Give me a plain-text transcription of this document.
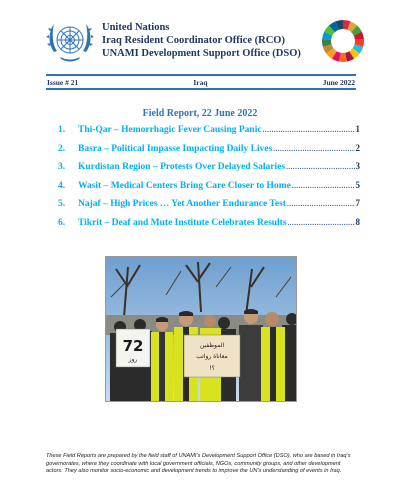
United Nations
Iraq Resident Coordinator Office (RCO)
UNAMI Development Support Office (DSO)
Issue # 21	Iraq	June 2022
Field Report, 22 June 2022
1.	Thi-Qar – Hemorrhagic Fever Causing Panic .....	1
2.	Basra – Political Impasse Impacting Daily Lives .....	2
3.	Kurdistan Region – Protests Over Delayed Salaries .....	3
4.	Wasit – Medical Centers Bring Care Closer to Home .....	5
5.	Najaf – High Prices … Yet Another Endurance Test .....	7
6.	Tikrit – Deaf and Mute Institute Celebrates Results .....	8
72
روز
الموظفين
معاناة رواتب
!؟
These Field Reports are prepared by the field staff of UNAMI’s Development Support Office (DSO), who are based in Iraq’s governorates, where they coordinate with local government officials, NGOs, community groups, and other development actors. They also monitor socio-economic and development trends to improve the UN’s understanding of events in Iraq.
